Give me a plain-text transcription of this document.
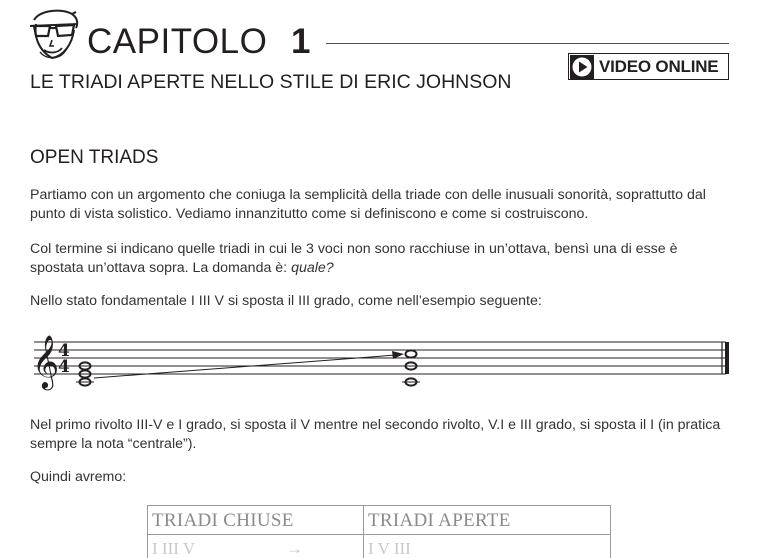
CAPITOLO 1
VIDEO ONLINE
LE TRIADI APERTE NELLO STILE DI ERIC JOHNSON
OPEN TRIADS
Partiamo con un argomento che coniuga la semplicità della triade con delle inusuali sonorità, soprattutto dal punto di vista solistico. Vediamo innanzitutto come si definiscono e come si costruiscono.
Col termine si indicano quelle triadi in cui le 3 voci non sono racchiuse in un’ottava, bensì una di esse è spostata un’ottava sopra. La domanda è: quale?
Nello stato fondamentale I III V si sposta il III grado, come nell’esempio seguente:
𝄞
4
4
Nel primo rivolto III-V e I grado, si sposta il V mentre nel secondo rivolto, V.I e III grado, si sposta il I (in pratica sempre la nota “centrale”).
Quindi avremo:
TRIADI CHIUSE	TRIADI APERTE
I III V	→	I V III
